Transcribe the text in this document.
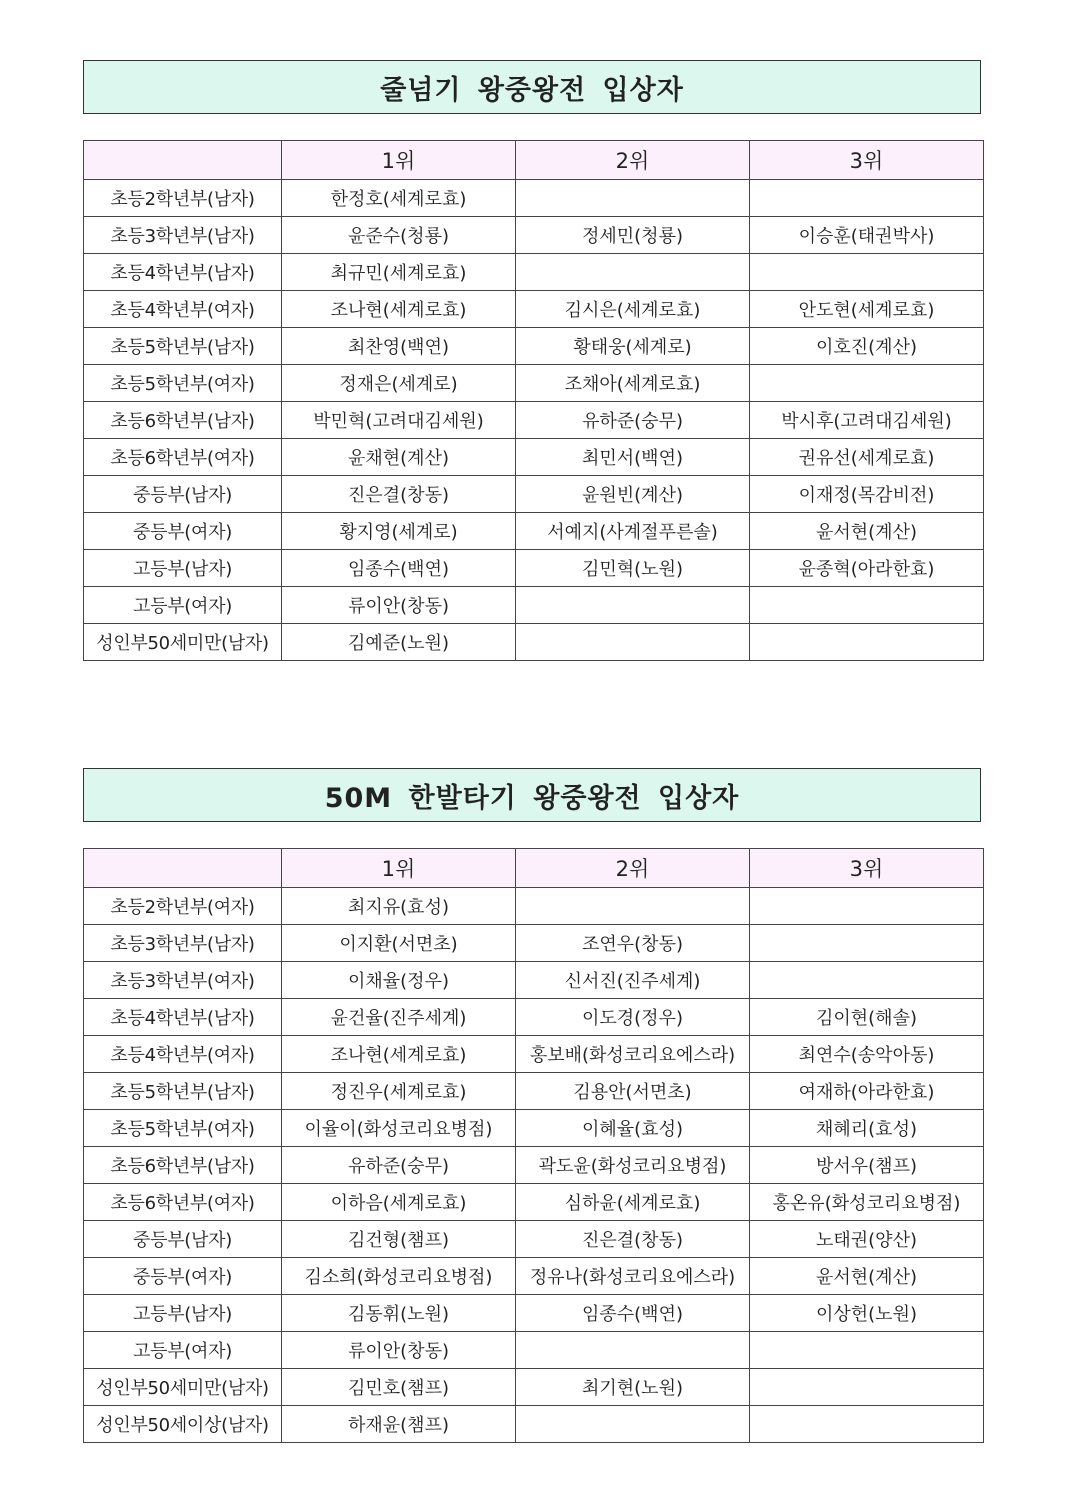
줄넘기 왕중왕전 입상자
	1위	2위	3위
초등2학년부(남자)	한정호(세계로효)		
초등3학년부(남자)	윤준수(청룡)	정세민(청룡)	이승훈(태권박사)
초등4학년부(남자)	최규민(세계로효)		
초등4학년부(여자)	조나현(세계로효)	김시은(세계로효)	안도현(세계로효)
초등5학년부(남자)	최찬영(백연)	황태웅(세계로)	이호진(계산)
초등5학년부(여자)	정재은(세계로)	조채아(세계로효)	
초등6학년부(남자)	박민혁(고려대김세원)	유하준(숭무)	박시후(고려대김세원)
초등6학년부(여자)	윤채현(계산)	최민서(백연)	권유선(세계로효)
중등부(남자)	진은결(창동)	윤원빈(계산)	이재정(목감비전)
중등부(여자)	황지영(세계로)	서예지(사계절푸른솔)	윤서현(계산)
고등부(남자)	임종수(백연)	김민혁(노원)	윤종혁(아라한효)
고등부(여자)	류이안(창동)		
성인부50세미만(남자)	김예준(노원)		
50M 한발타기 왕중왕전 입상자
	1위	2위	3위
초등2학년부(여자)	최지유(효성)		
초등3학년부(남자)	이지환(서면초)	조연우(창동)	
초등3학년부(여자)	이채율(정우)	신서진(진주세계)	
초등4학년부(남자)	윤건율(진주세계)	이도경(정우)	김이현(해솔)
초등4학년부(여자)	조나현(세계로효)	홍보배(화성코리요에스라)	최연수(송악아동)
초등5학년부(남자)	정진우(세계로효)	김용안(서면초)	여재하(아라한효)
초등5학년부(여자)	이율이(화성코리요병점)	이혜율(효성)	채혜리(효성)
초등6학년부(남자)	유하준(숭무)	곽도윤(화성코리요병점)	방서우(챔프)
초등6학년부(여자)	이하음(세계로효)	심하윤(세계로효)	홍온유(화성코리요병점)
중등부(남자)	김건형(챔프)	진은결(창동)	노태권(양산)
중등부(여자)	김소희(화성코리요병점)	정유나(화성코리요에스라)	윤서현(계산)
고등부(남자)	김동휘(노원)	임종수(백연)	이상헌(노원)
고등부(여자)	류이안(창동)		
성인부50세미만(남자)	김민호(챔프)	최기현(노원)	
성인부50세이상(남자)	하재윤(챔프)		
